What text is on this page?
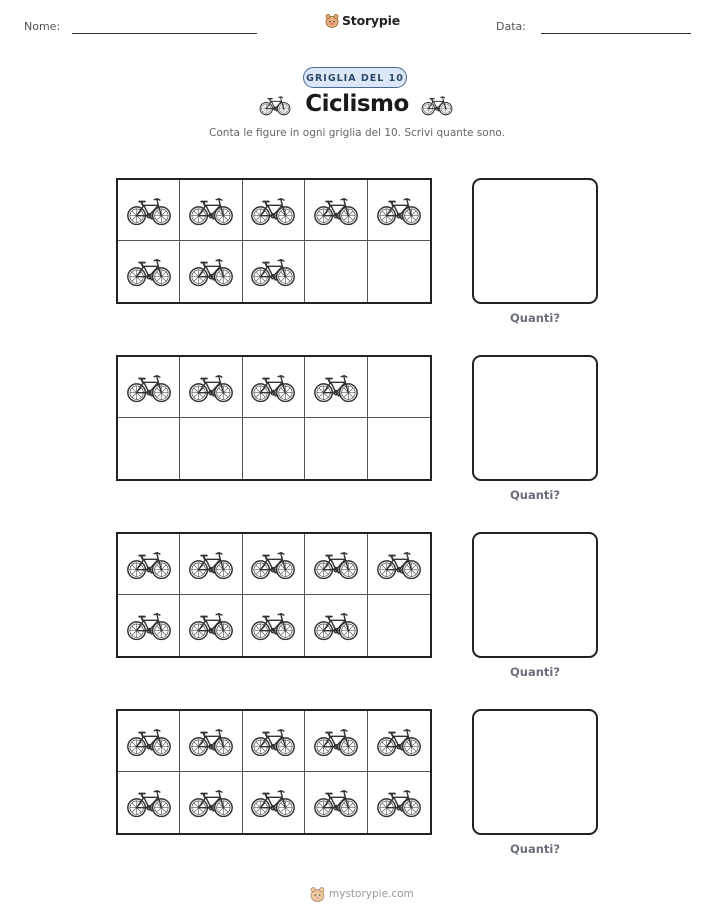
Nome:	Storypie	Data:
GRIGLIA DEL 10
Ciclismo
Conta le figure in ogni griglia del 10. Scrivi quante sono.
Quanti?
Quanti?
Quanti?
Quanti?
mystorypie.com
